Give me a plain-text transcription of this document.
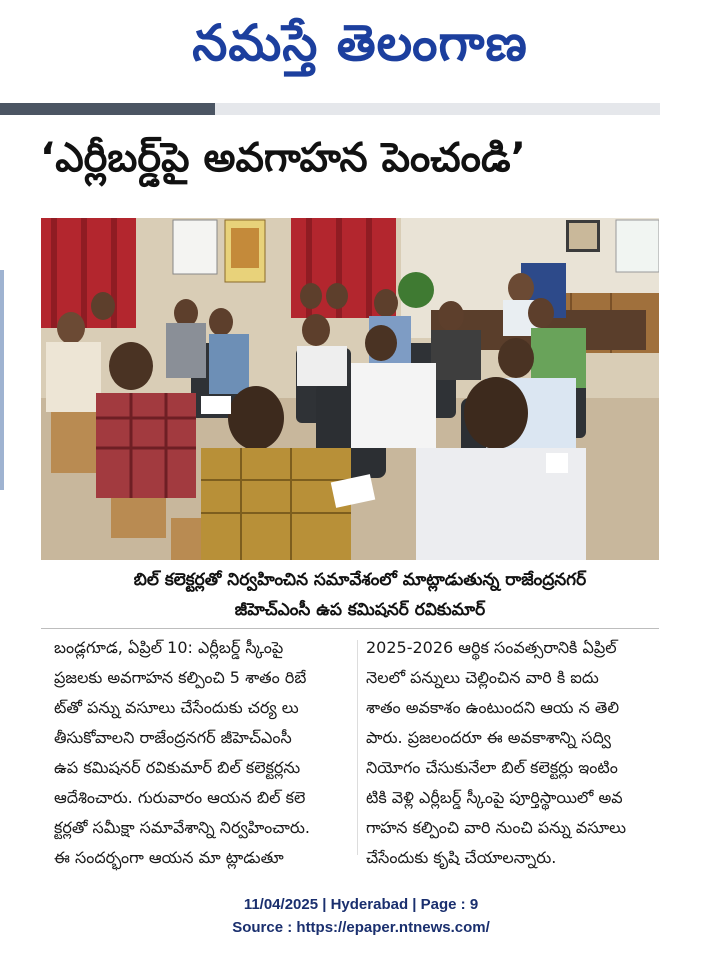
నమస్తే తెలంగాణ
‘ఎర్లీబర్డ్‌పై అవగాహన పెంచండి’
బిల్ కలెక్టర్లతో నిర్వహించిన సమావేశంలో మాట్లాడుతున్న రాజేంద్రనగర్
జీహెచ్‌ఎంసీ ఉప కమిషనర్ రవికుమార్
బండ్లగూడ, ఏప్రిల్ 10: ఎర్లీబర్డ్ స్కీంపై
ప్రజలకు అవగాహన కల్పించి 5 శాతం రిబే
ట్‌తో పన్ను వసూలు చేసేందుకు చర్య లు
తీసుకోవాలని రాజేంద్రనగర్ జీహెచ్‌ఎంసీ
ఉప కమిషనర్ రవికుమార్ బిల్ కలెక్టర్లను
ఆదేశించారు. గురువారం ఆయన బిల్ కలె
క్టర్లతో సమీక్షా సమావేశాన్ని నిర్వహించారు.
ఈ సందర్భంగా ఆయన మా ట్లాడుతూ
2025-2026 ఆర్థిక సంవత్సరానికి ఏప్రిల్
నెలలో పన్నులు చెల్లించిన వారి కి ఐదు
శాతం అవకాశం ఉంటుందని ఆయ న తెలి
పారు. ప్రజలందరూ ఈ అవకాశాన్ని సద్వి
నియోగం చేసుకునేలా బిల్ కలెక్టర్లు ఇంటిం
టికి వెళ్లి ఎర్లీబర్డ్ స్కీంపై పూర్తిస్థాయిలో అవ
గాహన కల్పించి వారి నుంచి పన్ను వసూలు
చేసేందుకు కృషి చేయాలన్నారు.
11/04/2025 | Hyderabad | Page : 9
Source : https://epaper.ntnews.com/
